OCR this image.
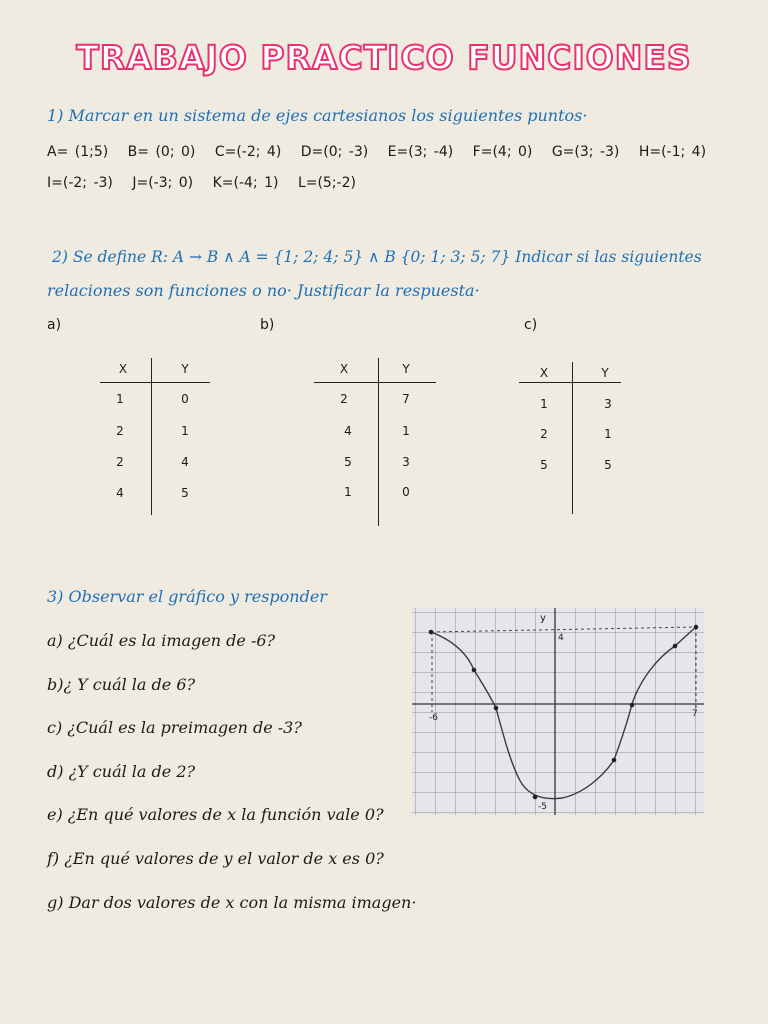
TRABAJO PRACTICO FUNCIONES
1) Marcar en un sistema de ejes cartesianos los siguientes puntos·
A= (1;5) B= (0; 0) C=(-2; 4) D=(0; -3) E=(3; -4) F=(4; 0) G=(3; -3) H=(-1; 4)
I=(-2; -3) J=(-3; 0) K=(-4; 1) L=(5;-2)
2) Se define R: A → B ∧ A = {1; 2; 4; 5} ∧ B {0; 1; 3; 5; 7} Indicar si las siguientes
relaciones son funciones o no· Justificar la respuesta·
a)	b)	c)
X	Y
1	0
2	1
2	4
4	5
X	Y
2	7
4	1
5	3
1	0
X	Y
1	3
2	1
5	5
3) Observar el gráfico y responder
a) ¿Cuál es la imagen de -6?
b)¿ Y cuál la de 6?
c) ¿Cuál es la preimagen de -3?
d) ¿Y cuál la de 2?
e) ¿En qué valores de x la función vale 0?
f) ¿En qué valores de y el valor de x es 0?
g) Dar dos valores de x con la misma imagen·
y
4
-6	7
-5
